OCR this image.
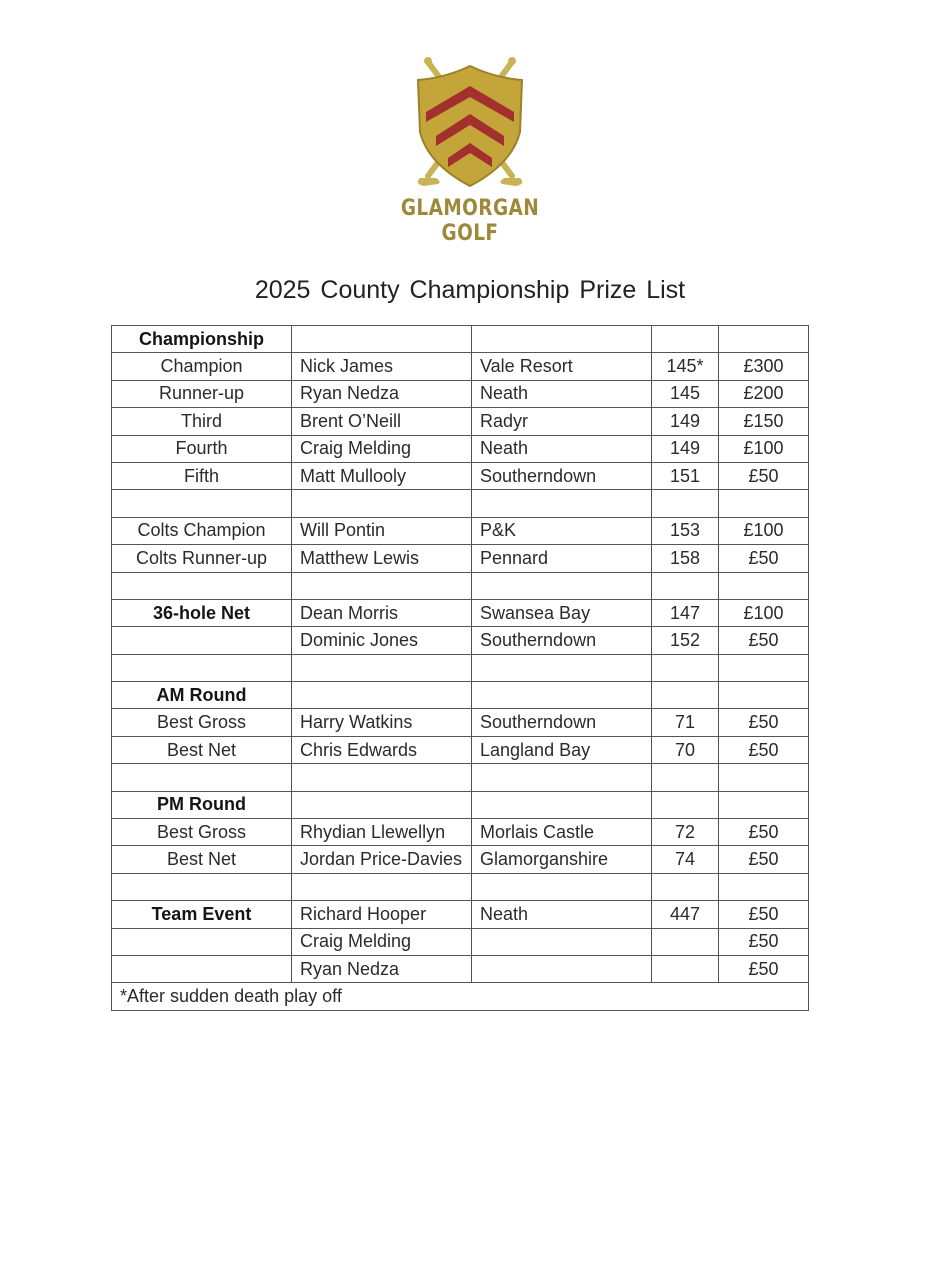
GLAMORGAN GOLF
2025 County Championship Prize List
Championship				
Champion	Nick James	Vale Resort	145*	£300
Runner-up	Ryan Nedza	Neath	145	£200
Third	Brent O’Neill	Radyr	149	£150
Fourth	Craig Melding	Neath	149	£100
Fifth	Matt Mullooly	Southerndown	151	£50

Colts Champion	Will Pontin	P&K	153	£100
Colts Runner-up	Matthew Lewis	Pennard	158	£50

36-hole Net	Dean Morris	Swansea Bay	147	£100
	Dominic Jones	Southerndown	152	£50

AM Round				
Best Gross	Harry Watkins	Southerndown	71	£50
Best Net	Chris Edwards	Langland Bay	70	£50

PM Round				
Best Gross	Rhydian Llewellyn	Morlais Castle	72	£50
Best Net	Jordan Price-Davies	Glamorganshire	74	£50

Team Event	Richard Hooper	Neath	447	£50
	Craig Melding			£50
	Ryan Nedza			£50
*After sudden death play off				
